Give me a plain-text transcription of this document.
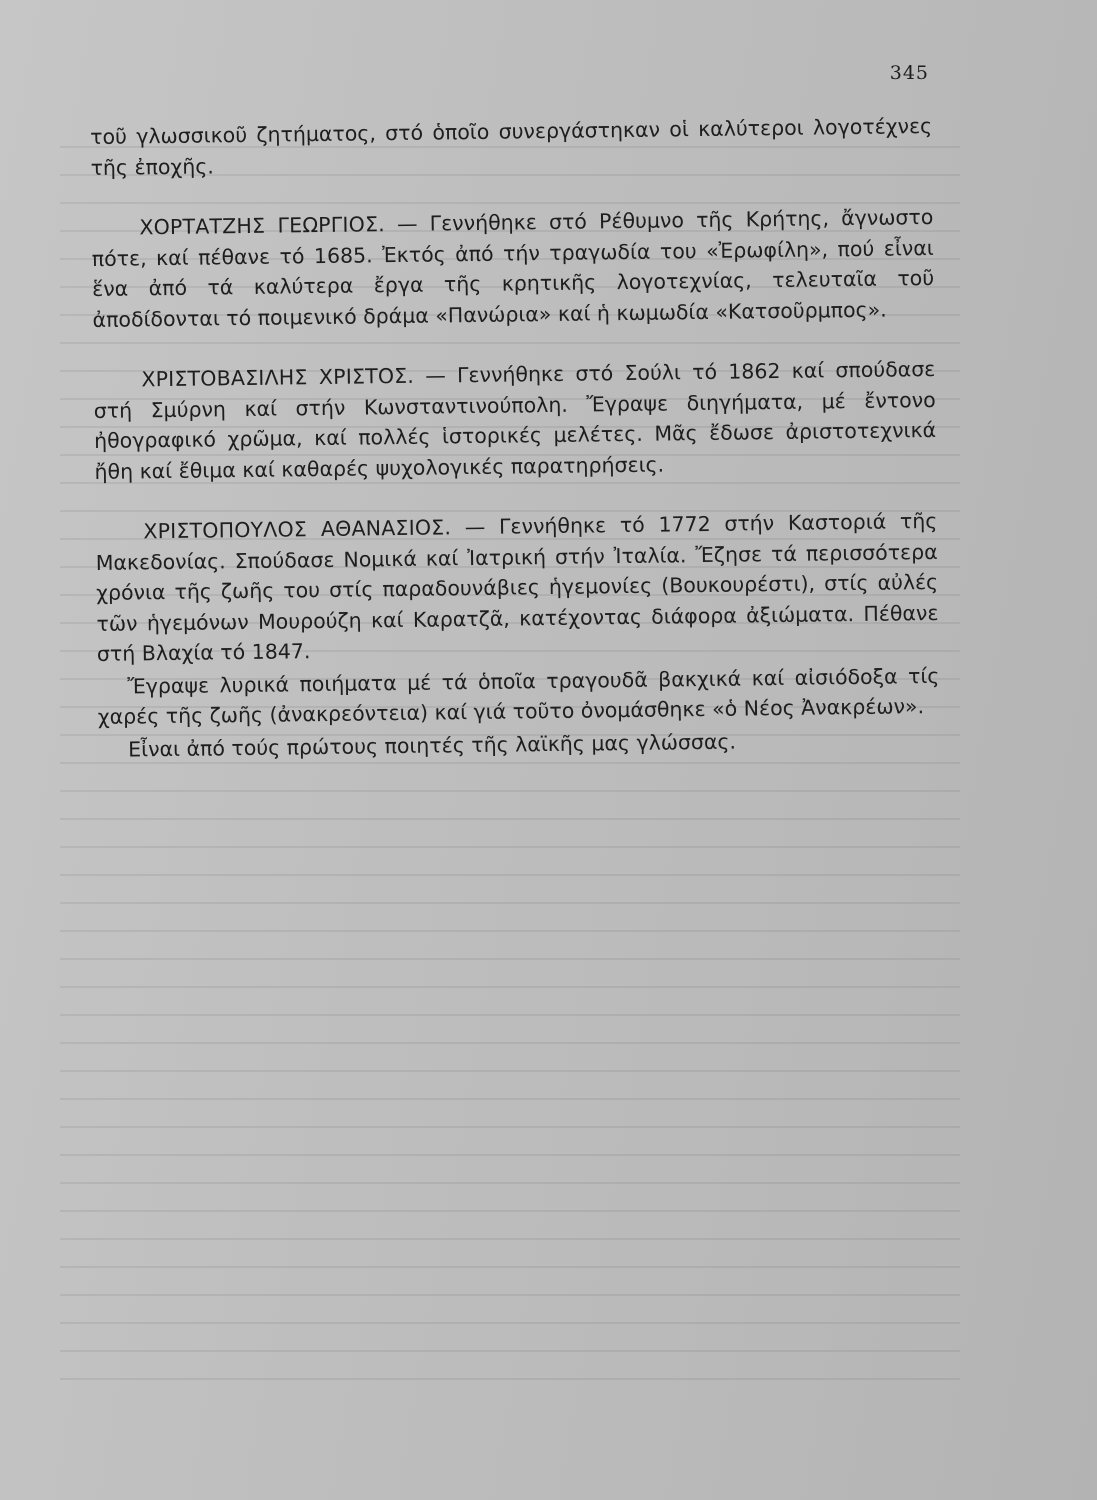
345

τοῦ γλωσσικοῦ ζητήματος, στό ὁποῖο συνεργάστηκαν οἱ καλύτεροι λογοτέχνες τῆς ἐποχῆς.

ΧΟΡΤΑΤΖΗΣ ΓΕΩΡΓΙΟΣ. — Γεννήθηκε στό Ρέθυμνο τῆς Κρήτης, ἄγνωστο πότε, καί πέθανε τό 1685. Ἐκτός ἀπό τήν τραγωδία του «Ἐρωφίλη», πού εἶναι ἕνα ἀπό τά καλύτερα ἔργα τῆς κρητικῆς λογοτεχνίας, τελευταῖα τοῦ ἀποδίδονται τό ποιμενικό δράμα «Πανώρια» καί ἡ κωμωδία «Κατσοῦρμπος».

ΧΡΙΣΤΟΒΑΣΙΛΗΣ ΧΡΙΣΤΟΣ. — Γεννήθηκε στό Σούλι τό 1862 καί σπούδασε στή Σμύρνη καί στήν Κωνσταντινούπολη. Ἔγραψε διηγήματα, μέ ἔντονο ἠθογραφικό χρῶμα, καί πολλές ἱστορικές μελέτες. Μᾶς ἔδωσε ἀριστοτεχνικά ἤθη καί ἔθιμα καί καθαρές ψυχολογικές παρατηρήσεις.

ΧΡΙΣΤΟΠΟΥΛΟΣ ΑΘΑΝΑΣΙΟΣ. — Γεννήθηκε τό 1772 στήν Καστοριά τῆς Μακεδονίας. Σπούδασε Νομικά καί Ἰατρική στήν Ἰταλία. Ἔζησε τά περισσότερα χρόνια τῆς ζωῆς του στίς παραδουνάβιες ἡγεμονίες (Βουκουρέστι), στίς αὐλές τῶν ἡγεμόνων Μουρούζη καί Καρατζᾶ, κατέχοντας διάφορα ἀξιώματα. Πέθανε στή Βλαχία τό 1847.

Ἔγραψε λυρικά ποιήματα μέ τά ὁποῖα τραγουδᾶ βακχικά καί αἰσιόδοξα τίς χαρές τῆς ζωῆς (ἀνακρεόντεια) καί γιά τοῦτο ὀνομάσθηκε «ὁ Νέος Ἀνακρέων».

Εἶναι ἀπό τούς πρώτους ποιητές τῆς λαϊκῆς μας γλώσσας.
